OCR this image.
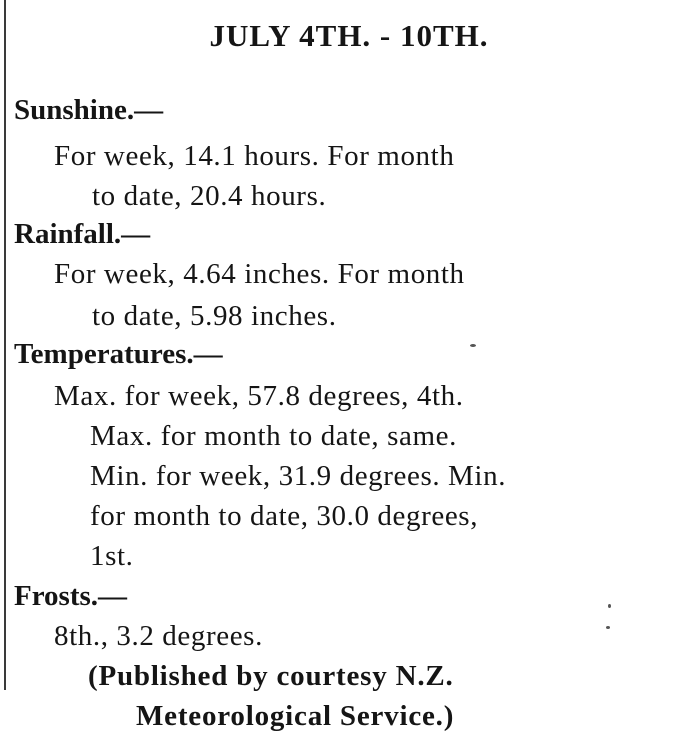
JULY 4TH. - 10TH.
Sunshine.—
For week, 14.1 hours. For month
to date, 20.4 hours.
Rainfall.—
For week, 4.64 inches. For month
to date, 5.98 inches.
Temperatures.—
Max. for week, 57.8 degrees, 4th.
Max. for month to date, same.
Min. for week, 31.9 degrees. Min.
for month to date, 30.0 degrees,
1st.
Frosts.—
8th., 3.2 degrees.
(Published by courtesy N.Z.
Meteorological Service.)
